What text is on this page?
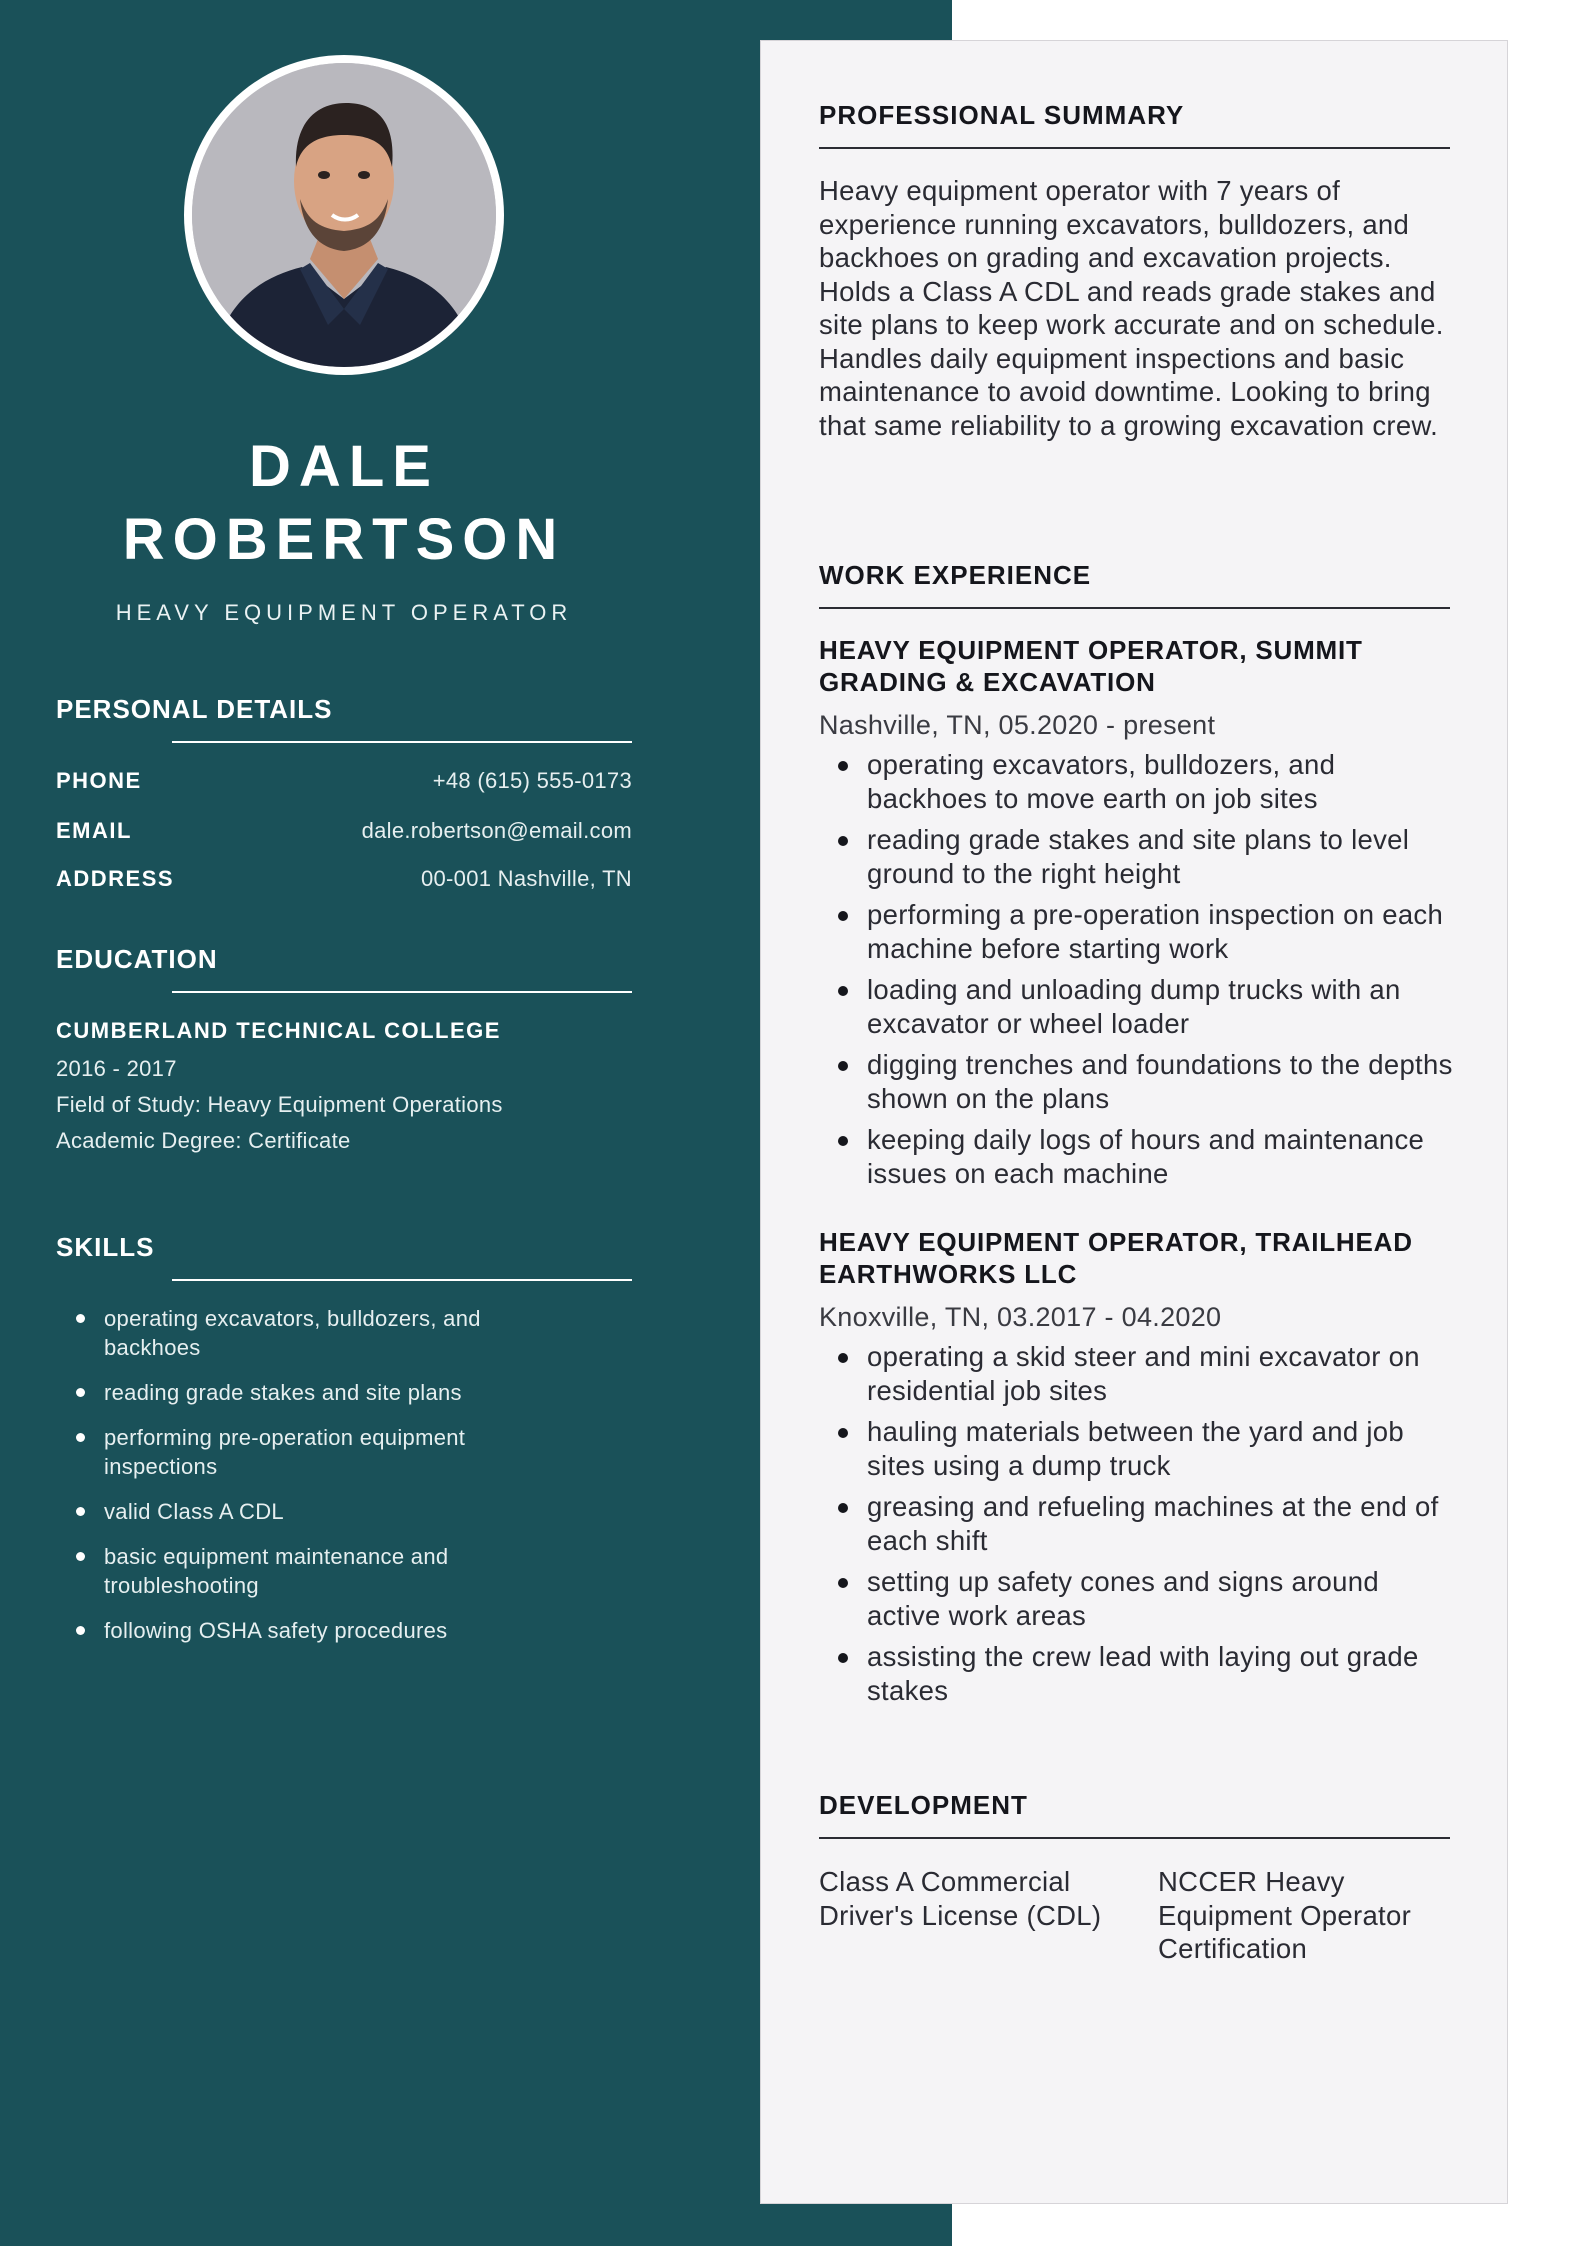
DALE
ROBERTSON
HEAVY EQUIPMENT OPERATOR
PERSONAL DETAILS
PHONE	+48 (615) 555-0173
EMAIL	dale.robertson@email.com
ADDRESS	00-001 Nashville, TN
EDUCATION
CUMBERLAND TECHNICAL COLLEGE
2016 - 2017
Field of Study: Heavy Equipment Operations
Academic Degree: Certificate
SKILLS
operating excavators, bulldozers, and backhoes
reading grade stakes and site plans
performing pre-operation equipment inspections
valid Class A CDL
basic equipment maintenance and troubleshooting
following OSHA safety procedures
PROFESSIONAL SUMMARY

Heavy equipment operator with 7 years of experience running excavators, bulldozers, and backhoes on grading and excavation projects. Holds a Class A CDL and reads grade stakes and site plans to keep work accurate and on schedule. Handles daily equipment inspections and basic maintenance to avoid downtime. Looking to bring that same reliability to a growing excavation crew.

WORK EXPERIENCE

HEAVY EQUIPMENT OPERATOR, SUMMIT GRADING & EXCAVATION

Nashville, TN, 05.2020 - present
operating excavators, bulldozers, and backhoes to move earth on job sites
reading grade stakes and site plans to level ground to the right height
performing a pre-operation inspection on each machine before starting work
loading and unloading dump trucks with an excavator or wheel loader
digging trenches and foundations to the depths shown on the plans
keeping daily logs of hours and maintenance issues on each machine

HEAVY EQUIPMENT OPERATOR, TRAILHEAD EARTHWORKS LLC

Knoxville, TN, 03.2017 - 04.2020
operating a skid steer and mini excavator on residential job sites
hauling materials between the yard and job sites using a dump truck
greasing and refueling machines at the end of each shift
setting up safety cones and signs around active work areas
assisting the crew lead with laying out grade stakes
DEVELOPMENT
Class A Commercial Driver's License (CDL)
NCCER Heavy Equipment Operator Certification
